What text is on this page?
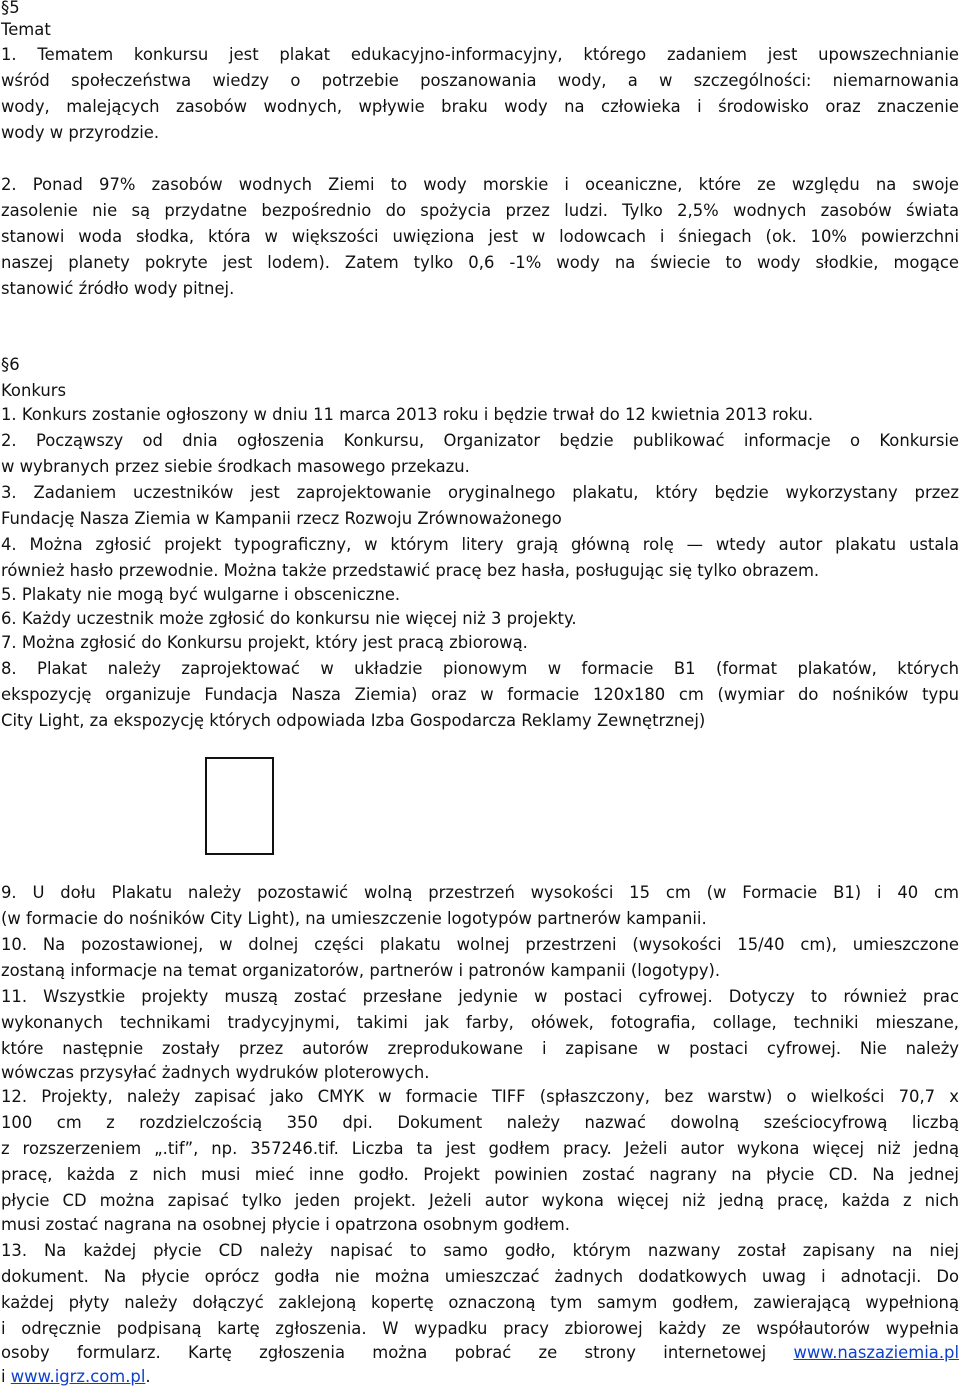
§5
Temat
1. Tematem konkursu jest plakat edukacyjno-informacyjny, którego zadaniem jest upowszechnianie
wśród społeczeństwa wiedzy o potrzebie poszanowania wody, a w szczególności: niemarnowania
wody, malejących zasobów wodnych, wpływie braku wody na człowieka i środowisko oraz znaczenie
wody w przyrodzie.
2. Ponad 97% zasobów wodnych Ziemi to wody morskie i oceaniczne, które ze względu na swoje
zasolenie nie są przydatne bezpośrednio do spożycia przez ludzi. Tylko 2,5% wodnych zasobów świata
stanowi woda słodka, która w większości uwięziona jest w lodowcach i śniegach (ok. 10% powierzchni
naszej planety pokryte jest lodem). Zatem tylko 0,6 -1% wody na świecie to wody słodkie, mogące
stanowić źródło wody pitnej.
§6
Konkurs
1. Konkurs zostanie ogłoszony w dniu 11 marca 2013 roku i będzie trwał do 12 kwietnia 2013 roku.
2. Począwszy od dnia ogłoszenia Konkursu, Organizator będzie publikować informacje o Konkursie
w wybranych przez siebie środkach masowego przekazu.
3. Zadaniem uczestników jest zaprojektowanie oryginalnego plakatu, który będzie wykorzystany przez
Fundację Nasza Ziemia w Kampanii rzecz Rozwoju Zrównoważonego
4. Można zgłosić projekt typograficzny, w którym litery grają główną rolę — wtedy autor plakatu ustala
również hasło przewodnie. Można także przedstawić pracę bez hasła, posługując się tylko obrazem.
5. Plakaty nie mogą być wulgarne i obsceniczne.
6. Każdy uczestnik może zgłosić do konkursu nie więcej niż 3 projekty.
7. Można zgłosić do Konkursu projekt, który jest pracą zbiorową.
8. Plakat należy zaprojektować w układzie pionowym w formacie B1 (format plakatów, których
ekspozycję organizuje Fundacja Nasza Ziemia) oraz w formacie 120x180 cm (wymiar do nośników typu
City Light, za ekspozycję których odpowiada Izba Gospodarcza Reklamy Zewnętrznej)
9. U dołu Plakatu należy pozostawić wolną przestrzeń wysokości 15 cm (w Formacie B1) i 40 cm
(w formacie do nośników City Light), na umieszczenie logotypów partnerów kampanii.
10. Na pozostawionej, w dolnej części plakatu wolnej przestrzeni (wysokości 15/40 cm), umieszczone
zostaną informacje na temat organizatorów, partnerów i patronów kampanii (logotypy).
11. Wszystkie projekty muszą zostać przesłane jedynie w postaci cyfrowej. Dotyczy to również prac
wykonanych technikami tradycyjnymi, takimi jak farby, ołówek, fotografia, collage, techniki mieszane,
które następnie zostały przez autorów zreprodukowane i zapisane w postaci cyfrowej. Nie należy
wówczas przysyłać żadnych wydruków ploterowych.
12. Projekty, należy zapisać jako CMYK w formacie TIFF (spłaszczony, bez warstw) o wielkości 70,7 x
100 cm z rozdzielczością 350 dpi. Dokument należy nazwać dowolną sześciocyfrową liczbą
z rozszerzeniem „.tif”, np. 357246.tif. Liczba ta jest godłem pracy. Jeżeli autor wykona więcej niż jedną
pracę, każda z nich musi mieć inne godło. Projekt powinien zostać nagrany na płycie CD. Na jednej
płycie CD można zapisać tylko jeden projekt. Jeżeli autor wykona więcej niż jedną pracę, każda z nich
musi zostać nagrana na osobnej płycie i opatrzona osobnym godłem.
13. Na każdej płycie CD należy napisać to samo godło, którym nazwany został zapisany na niej
dokument. Na płycie oprócz godła nie można umieszczać żadnych dodatkowych uwag i adnotacji. Do
każdej płyty należy dołączyć zaklejoną kopertę oznaczoną tym samym godłem, zawierającą wypełnioną
i odręcznie podpisaną kartę zgłoszenia. W wypadku pracy zbiorowej każdy ze współautorów wypełnia
osoby formularz. Kartę zgłoszenia można pobrać ze strony internetowej www.naszaziemia.pl
i www.igrz.com.pl.
